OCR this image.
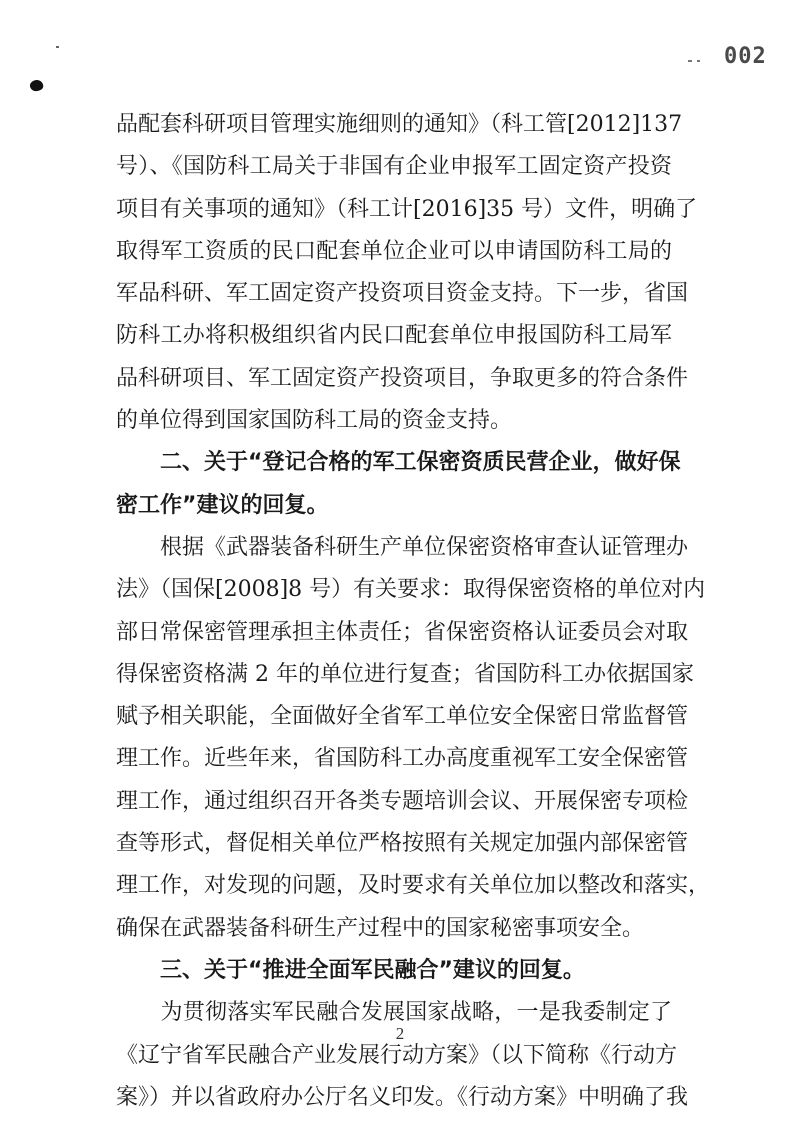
002
品配套科研项目管理实施细则的通知》（科工管[2012]137
号）、《国防科工局关于非国有企业申报军工固定资产投资
项目有关事项的通知》（科工计[2016]35 号）文件，明确了
取得军工资质的民口配套单位企业可以申请国防科工局的
军品科研、军工固定资产投资项目资金支持。下一步，省国
防科工办将积极组织省内民口配套单位申报国防科工局军
品科研项目、军工固定资产投资项目，争取更多的符合条件
的单位得到国家国防科工局的资金支持。
　　二、关于“登记合格的军工保密资质民营企业，做好保
密工作”建议的回复。
　　根据《武器装备科研生产单位保密资格审查认证管理办
法》（国保[2008]8 号）有关要求：取得保密资格的单位对内
部日常保密管理承担主体责任；省保密资格认证委员会对取
得保密资格满 2 年的单位进行复查；省国防科工办依据国家
赋予相关职能，全面做好全省军工单位安全保密日常监督管
理工作。近些年来，省国防科工办高度重视军工安全保密管
理工作，通过组织召开各类专题培训会议、开展保密专项检
查等形式，督促相关单位严格按照有关规定加强内部保密管
理工作，对发现的问题，及时要求有关单位加以整改和落实，
确保在武器装备科研生产过程中的国家秘密事项安全。
　　三、关于“推进全面军民融合”建议的回复。
　　为贯彻落实军民融合发展国家战略，一是我委制定了
《辽宁省军民融合产业发展行动方案》（以下简称《行动方
案》）并以省政府办公厅名义印发。《行动方案》中明确了我
2
